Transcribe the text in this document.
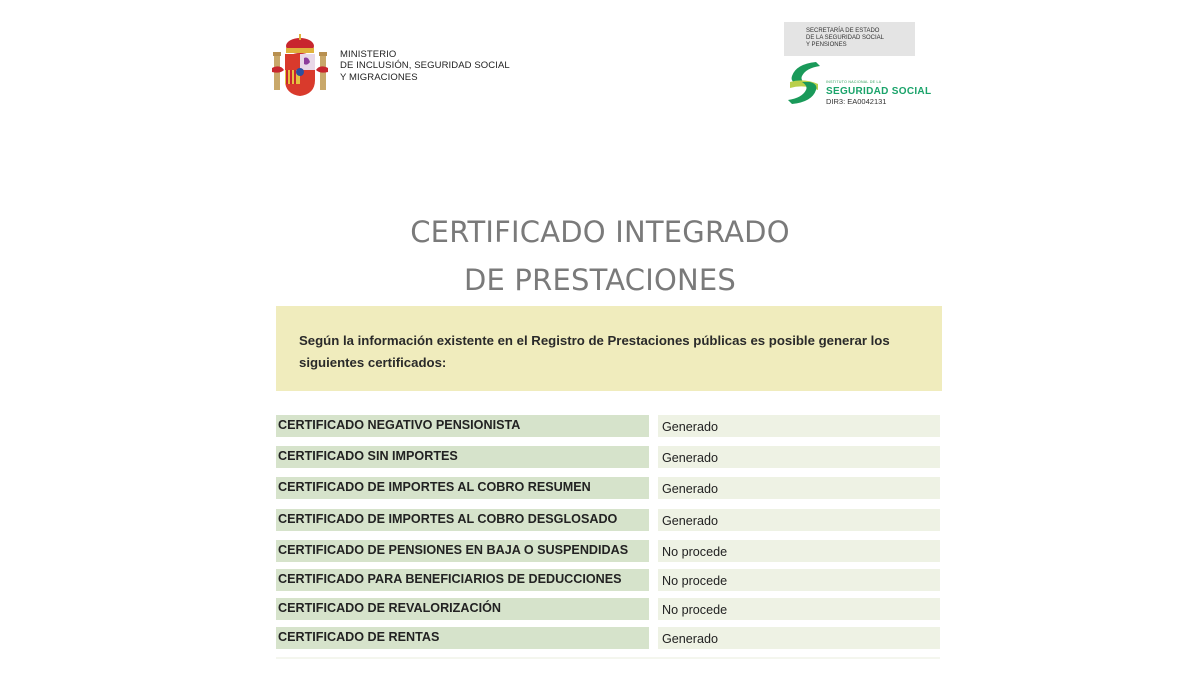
MINISTERIO
DE INCLUSIÓN, SEGURIDAD SOCIAL
Y MIGRACIONES
SECRETARÍA DE ESTADO
DE LA SEGURIDAD SOCIAL
Y PENSIONES
INSTITUTO NACIONAL DE LA
SEGURIDAD SOCIAL
DIR3: EA0042131
CERTIFICADO INTEGRADO
DE PRESTACIONES
Según la información existente en el Registro de Prestaciones públicas es posible generar los siguientes certificados:
CERTIFICADO NEGATIVO PENSIONISTA	Generado
CERTIFICADO SIN IMPORTES	Generado
CERTIFICADO DE IMPORTES AL COBRO RESUMEN	Generado
CERTIFICADO DE IMPORTES AL COBRO DESGLOSADO	Generado
CERTIFICADO DE PENSIONES EN BAJA O SUSPENDIDAS	No procede
CERTIFICADO PARA BENEFICIARIOS DE DEDUCCIONES	No procede
CERTIFICADO DE REVALORIZACIÓN	No procede
CERTIFICADO DE RENTAS	Generado
